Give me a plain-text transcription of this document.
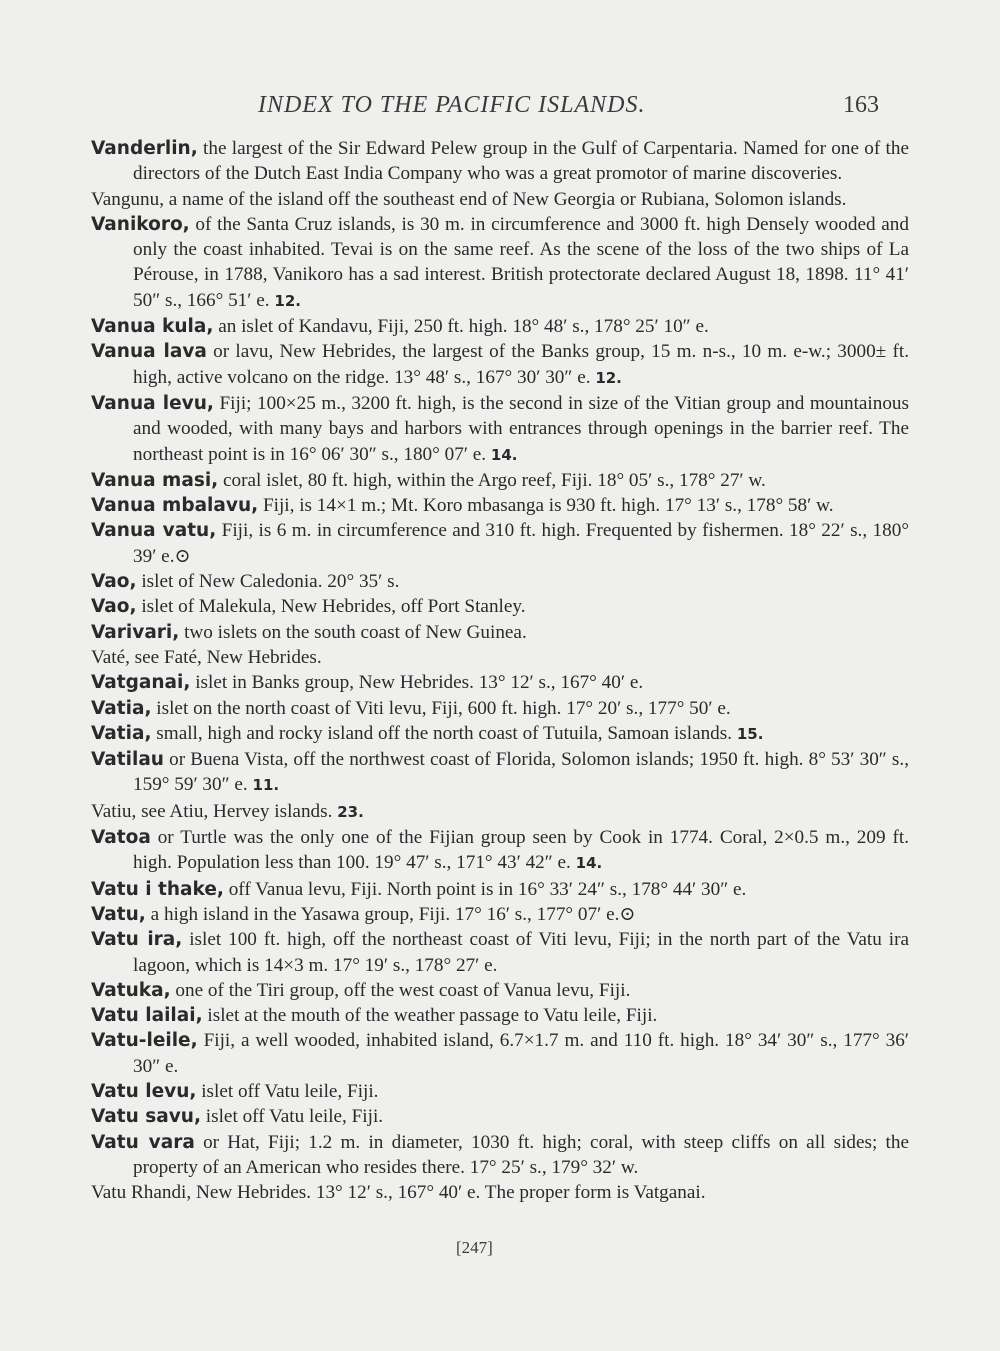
INDEX TO THE PACIFIC ISLANDS.	163

Vanderlin, the largest of the Sir Edward Pelew group in the Gulf of Carpentaria. Named for one of the directors of the Dutch East India Company who was a great promotor of marine discoveries.

Vangunu, a name of the island off the southeast end of New Georgia or Rubiana, Solomon islands.

Vanikoro, of the Santa Cruz islands, is 30 m. in circumference and 3000 ft. high Densely wooded and only the coast inhabited. Tevai is on the same reef. As the scene of the loss of the two ships of La Pérouse, in 1788, Vanikoro has a sad interest. British protectorate declared August 18, 1898. 11° 41′ 50″ s., 166° 51′ e. 12.

Vanua kula, an islet of Kandavu, Fiji, 250 ft. high. 18° 48′ s., 178° 25′ 10″ e.

Vanua lava or lavu, New Hebrides, the largest of the Banks group, 15 m. n-s., 10 m. e-w.; 3000± ft. high, active volcano on the ridge. 13° 48′ s., 167° 30′ 30″ e. 12.

Vanua levu, Fiji; 100×25 m., 3200 ft. high, is the second in size of the Vitian group and mountainous and wooded, with many bays and harbors with entrances through openings in the barrier reef. The northeast point is in 16° 06′ 30″ s., 180° 07′ e. 14.

Vanua masi, coral islet, 80 ft. high, within the Argo reef, Fiji. 18° 05′ s., 178° 27′ w.

Vanua mbalavu, Fiji, is 14×1 m.; Mt. Koro mbasanga is 930 ft. high. 17° 13′ s., 178° 58′ w.

Vanua vatu, Fiji, is 6 m. in circumference and 310 ft. high. Frequented by fishermen. 18° 22′ s., 180° 39′ e.⊙

Vao, islet of New Caledonia. 20° 35′ s.

Vao, islet of Malekula, New Hebrides, off Port Stanley.

Varivari, two islets on the south coast of New Guinea.

Vaté, see Faté, New Hebrides.

Vatganai, islet in Banks group, New Hebrides. 13° 12′ s., 167° 40′ e.

Vatia, islet on the north coast of Viti levu, Fiji, 600 ft. high. 17° 20′ s., 177° 50′ e.

Vatia, small, high and rocky island off the north coast of Tutuila, Samoan islands. 15.

Vatilau or Buena Vista, off the northwest coast of Florida, Solomon islands; 1950 ft. high. 8° 53′ 30″ s., 159° 59′ 30″ e. 11.

Vatiu, see Atiu, Hervey islands. 23.

Vatoa or Turtle was the only one of the Fijian group seen by Cook in 1774. Coral, 2×0.5 m., 209 ft. high. Population less than 100. 19° 47′ s., 171° 43′ 42″ e. 14.

Vatu i thake, off Vanua levu, Fiji. North point is in 16° 33′ 24″ s., 178° 44′ 30″ e.

Vatu, a high island in the Yasawa group, Fiji. 17° 16′ s., 177° 07′ e.⊙

Vatu ira, islet 100 ft. high, off the northeast coast of Viti levu, Fiji; in the north part of the Vatu ira lagoon, which is 14×3 m. 17° 19′ s., 178° 27′ e.

Vatuka, one of the Tiri group, off the west coast of Vanua levu, Fiji.

Vatu lailai, islet at the mouth of the weather passage to Vatu leile, Fiji.

Vatu-leile, Fiji, a well wooded, inhabited island, 6.7×1.7 m. and 110 ft. high. 18° 34′ 30″ s., 177° 36′ 30″ e.

Vatu levu, islet off Vatu leile, Fiji.

Vatu savu, islet off Vatu leile, Fiji.

Vatu vara or Hat, Fiji; 1.2 m. in diameter, 1030 ft. high; coral, with steep cliffs on all sides; the property of an American who resides there. 17° 25′ s., 179° 32′ w.

Vatu Rhandi, New Hebrides. 13° 12′ s., 167° 40′ e. The proper form is Vatganai.

[247]
